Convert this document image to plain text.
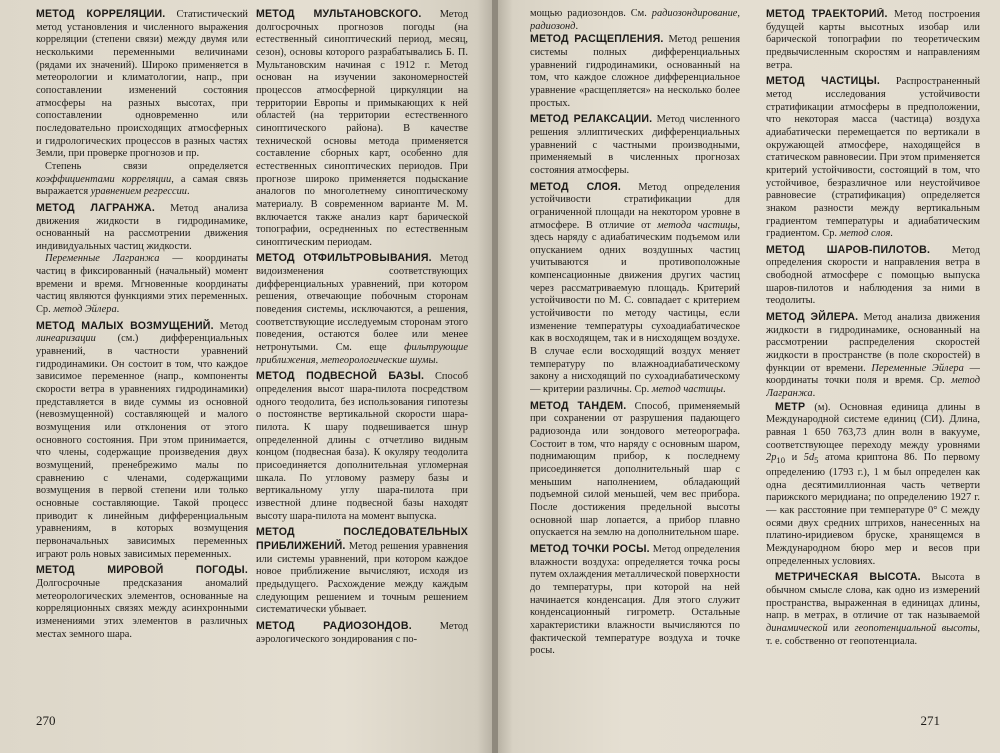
МЕТОД КОРРЕЛЯЦИИ. Статистический метод установления и численного выражения корреляции (степени связи) между двумя или несколькими переменными величинами (рядами их значений). Широко применяется в метеорологии и климатологии, напр., при сопоставлении изменений состояния атмосферы на разных высотах, при сопоставлении одновременно или последовательно происходящих атмосферных и гидрологических процессов в разных частях Земли, при проверке прогнозов и пр.

Степень связи определяется коэффициентами корреляции, а самая связь выражается уравнением регрессии.

МЕТОД ЛАГРАНЖА. Метод анализа движения жидкости в гидродинамике, основанный на рассмотрении движения индивидуальных частиц жидкости.

Переменные Лагранжа — координаты частиц в фиксированный (начальный) момент времени и время. Мгновенные координаты частиц являются функциями этих переменных. Ср. метод Эйлера.

МЕТОД МАЛЫХ ВОЗМУЩЕНИЙ. Метод линеаризации (см.) дифференциальных уравнений, в частности уравнений гидродинамики. Он состоит в том, что каждое зависимое переменное (напр., компоненты скорости ветра в уравнениях гидродинамики) представляется в виде суммы из основной (невозмущенной) составляющей и малого возмущения или отклонения от этого основного состояния. При этом принимается, что члены, содержащие произведения двух возмущений, пренебрежимо малы по сравнению с членами, содержащими возмущения в первой степени или только основные составляющие. Такой процесс приводит к линейным дифференциальным уравнениям, в которых возмущения первоначальных зависимых переменных играют роль новых зависимых переменных.

МЕТОД МИРОВОЙ ПОГОДЫ. Долгосрочные предсказания аномалий метеорологических элементов, основанные на корреляционных связях между асинхронными изменениями этих элементов в различных местах земного шара.

МЕТОД МУЛЬТАНОВСКОГО. Метод долгосрочных прогнозов погоды (на естественный синоптический период, месяц, сезон), основы которого разрабатывались Б. П. Мультановским начиная с 1912 г. Метод основан на изучении закономерностей процессов атмосферной циркуляции на территории Европы и примыкающих к ней областей (на территории естественного синоптического района). В качестве технической основы метода применяется составление сборных карт, особенно для естественных синоптических периодов. При прогнозе широко применяется подыскание аналогов по многолетнему синоптическому материалу. В современном варианте М. М. включается также анализ карт барической топографии, осредненных по естественным синоптическим периодам.

МЕТОД ОТФИЛЬТРОВЫВАНИЯ. Метод видоизменения соответствующих дифференциальных уравнений, при котором решения, отвечающие побочным сторонам поведения системы, исключаются, а решения, соответствующие исследуемым сторонам этого поведения, остаются более или менее нетронутыми. См. еще фильтрующие приближения, метеорологические шумы.

МЕТОД ПОДВЕСНОЙ БАЗЫ. Способ определения высот шара-пилота посредством одного теодолита, без использования гипотезы о постоянстве вертикальной скорости шара-пилота. К шару подвешивается шнур определенной длины с отчетливо видным концом (подвесная база). К окуляру теодолита присоединяется дополнительная угломерная шкала. По угловому размеру базы и вертикальному углу шара-пилота при известной длине подвесной базы находят высоту шара-пилота на момент выпуска.

МЕТОД ПОСЛЕДОВАТЕЛЬНЫХ ПРИБЛИЖЕНИЙ. Метод решения уравнения или системы уравнений, при котором каждое новое приближение вычисляют, исходя из предыдущего. Расхождение между каждым следующим решением и точным решением систематически убывает.

МЕТОД РАДИОЗОНДОВ. Метод аэрологического зондирования с по-

270

мощью радиозондов. См. радиозондирование, радиозонд.

МЕТОД РАСЩЕПЛЕНИЯ. Метод решения системы полных дифференциальных уравнений гидродинамики, основанный на том, что каждое сложное дифференциальное уравнение «расщепляется» на несколько более простых.

МЕТОД РЕЛАКСАЦИИ. Метод численного решения эллиптических дифференциальных уравнений с частными производными, применяемый в численных прогнозах состояния атмосферы.

МЕТОД СЛОЯ. Метод определения устойчивости стратификации для ограниченной площади на некотором уровне в атмосфере. В отличие от метода частицы, здесь наряду с адиабатическим подъемом или опусканием одних воздушных частиц учитываются и противоположные компенсационные движения других частиц через рассматриваемую площадь. Критерий устойчивости по М. С. совпадает с критерием устойчивости по методу частицы, если изменение температуры сухоадиабатическое как в восходящем, так и в нисходящем воздухе. В случае если восходящий воздух меняет температуру по влажноадиабатическому закону а нисходящий по сухоадиабатическому — критерии различны. Ср. метод частицы.

МЕТОД ТАНДЕМ. Способ, применяемый при сохранении от разрушения падающего радиозонда или зондового метеорографа. Состоит в том, что наряду с основным шаром, поднимающим прибор, к последнему присоединяется дополнительный шар с меньшим наполнением, обладающий подъемной силой меньшей, чем вес прибора. После достижения предельной высоты основной шар лопается, а прибор плавно опускается на землю на дополнительном шаре.

МЕТОД ТОЧКИ РОСЫ. Метод определения влажности воздуха: определяется точка росы путем охлаждения металлической поверхности до температуры, при которой на ней начинается конденсация. Для этого служит конденсационный гигрометр. Остальные характеристики влажности вычисляются по фактической температуре воздуха и точке росы.

МЕТОД ТРАЕКТОРИЙ. Метод построения будущей карты высотных изобар или барической топографии по теоретическим предвычисленным скоростям и направлениям ветра.

МЕТОД ЧАСТИЦЫ. Распространенный метод исследования устойчивости стратификации атмосферы в предположении, что некоторая масса (частица) воздуха адиабатически перемещается по вертикали в окружающей атмосфере, находящейся в статическом равновесии. При этом применяется критерий устойчивости, состоящий в том, что устойчивое, безразличное или неустойчивое равновесие (стратификация) определяется знаком разности между вертикальным градиентом температуры и адиабатическим градиентом. Ср. метод слоя.

МЕТОД ШАРОВ-ПИЛОТОВ. Метод определения скорости и направления ветра в свободной атмосфере с помощью выпуска шаров-пилотов и наблюдения за ними в теодолиты.

МЕТОД ЭЙЛЕРА. Метод анализа движения жидкости в гидродинамике, основанный на рассмотрении распределения скоростей жидкости в пространстве (в поле скоростей) в функции от времени. Переменные Эйлера — координаты точки поля и время. Ср. метод Лагранжа.

МЕТР (м). Основная единица длины в Международной системе единиц (СИ). Длина, равная 1 650 763,73 длин волн в вакууме, соответствующее переходу между уровнями $2p_{10}$ и $5d_5$ атома криптона 86. По первому определению (1793 г.), 1 м был определен как одна десятимиллионная часть четверти парижского меридиана; по определению 1927 г. — как расстояние при температуре 0° С между осями двух средних штрихов, нанесенных на платино-иридиевом бруске, хранящемся в Международном бюро мер и весов при определенных условиях.

МЕТРИЧЕСКАЯ ВЫСОТА. Высота в обычном смысле слова, как одно из измерений пространства, выраженная в единицах длины, напр. в метрах, в отличие от так называемой динамической или геопотенциальной высоты, т. е. собственно от геопотенциала.

271
